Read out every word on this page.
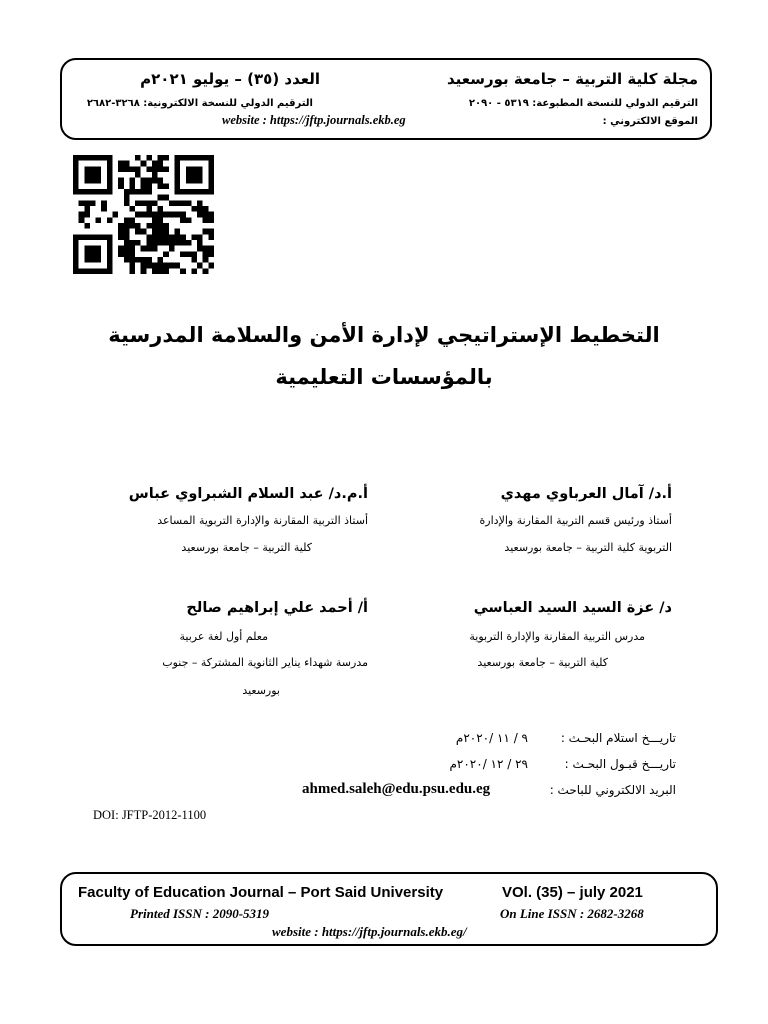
مجلة كلية التربية – جامعة بورسعيد
العدد (٣٥) – يوليو ٢٠٢١م
الترقيم الدولي للنسخة المطبوعة: ٥٣١٩ - ٢٠٩٠
الترقيم الدولي للنسخة الالكترونية: ٣٢٦٨-٢٦٨٢
الموقع الالكتروني :
website : https://jftp.journals.ekb.eg
التخطيط الإستراتيجي لإدارة الأمن والسلامة المدرسية
بالمؤسسات التعليمية
أ.د/ آمال العرباوي مهدي
أستاذ ورئيس قسم التربية المقارنة والإدارة
التربوية كلية التربية – جامعة بورسعيد
أ.م.د/ عبد السلام الشبراوي عباس
أستاذ التربية المقارنة والإدارة التربوية المساعد
كلية التربية – جامعة بورسعيد
د/ عزة السيد السيد العباسي
مدرس التربية المقارنة والإدارة التربوية
كلية التربية – جامعة بورسعيد
أ/ أحمد علي إبراهيم صالح
معلم أول لغة عربية
مدرسة شهداء يناير الثانوية المشتركة – جنوب
بورسعيد
تاريـــخ استلام البحـث :
٩ / ١١ /٢٠٢٠م
تاريـــخ قبـول البحـث :
٢٩ / ١٢ /٢٠٢٠م
البريد الالكتروني للباحث :
ahmed.saleh@edu.psu.edu.eg
DOI: JFTP-2012-1100
Faculty of Education Journal – Port Said University	VOl. (35) – july 2021
Printed ISSN : 2090-5319	On Line ISSN : 2682-3268
website : https://jftp.journals.ekb.eg/
